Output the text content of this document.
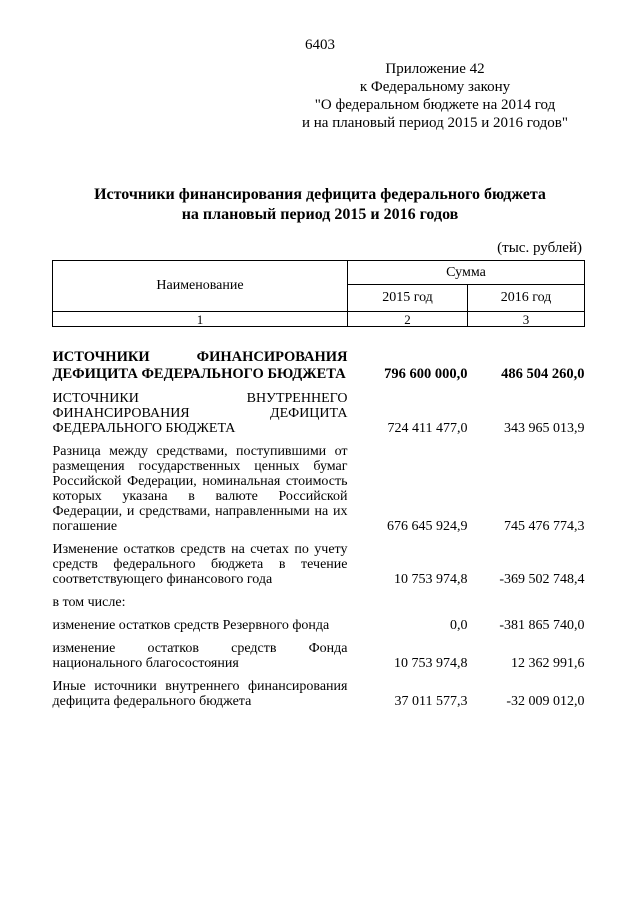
6403
Приложение 42
к Федеральному закону
"О федеральном бюджете на 2014 год
и на плановый период 2015 и 2016 годов"
Источники финансирования дефицита федерального бюджета
на плановый период 2015 и 2016 годов
(тыс. рублей)
Наименование	Сумма	
	2015 год	2016 год
1	2	3

ИСТОЧНИКИ ФИНАНСИРОВАНИЯ ДЕФИЦИТА ФЕДЕРАЛЬНОГО БЮДЖЕТА	796 600 000,0	486 504 260,0
ИСТОЧНИКИ ВНУТРЕННЕГО ФИНАНСИРОВАНИЯ ДЕФИЦИТА ФЕДЕРАЛЬНОГО БЮДЖЕТА	724 411 477,0	343 965 013,9
Разница между средствами, поступившими от размещения государственных ценных бумаг Российской Федерации, номинальная стоимость которых указана в валюте Российской Федерации, и средствами, направленными на их погашение	676 645 924,9	745 476 774,3
Изменение остатков средств на счетах по учету средств федерального бюджета в течение соответствующего финансового года	10 753 974,8	-369 502 748,4
в том числе:		
изменение остатков средств Резервного фонда	0,0	-381 865 740,0
изменение остатков средств Фонда национального благосостояния	10 753 974,8	12 362 991,6
Иные источники внутреннего финансирования дефицита федерального бюджета	37 011 577,3	-32 009 012,0
